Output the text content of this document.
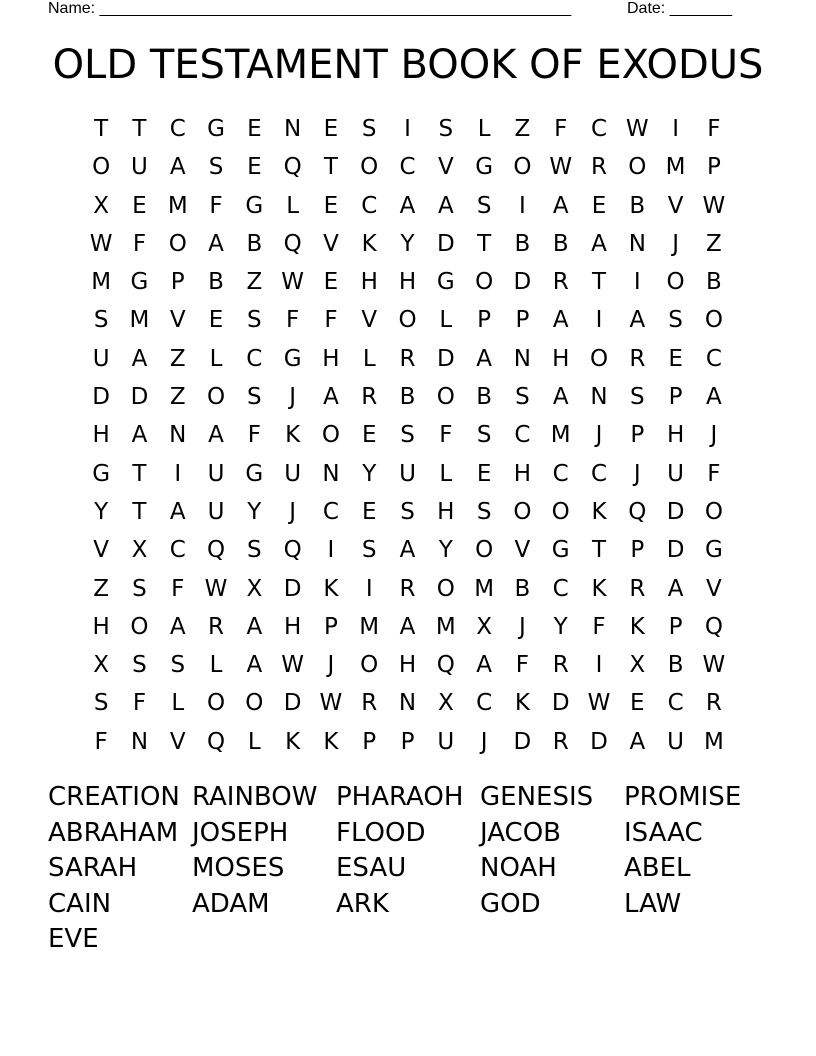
Name: _____________________________________________________	Date: _______
OLD TESTAMENT BOOK OF EXODUS
T	T	C G E N E	S	I	S	L	Z	F	C W	I	F
O U A	S	E Q T O C V G O W R O M P
X	E M F G L	E C A A	S	I	A	E	B V W
W F O A B Q V K	Y D T	B B A N	J	Z
M G P	B Z W E H H G O D R	T	I	O B
S M V	E	S	F	F	V O L	P	P	A	I	A	S O
U A Z	L	C G H	L	R D A N H O R	E C
D D Z O S	J	A R B O B	S	A N S	P	A
H A N A	F	K O E	S	F	S C M	J	P H	J
G T	I	U G U N Y U	L	E H C C	J	U	F
Y	T	A U Y	J	C	E	S H S O O K Q D O
V X C Q S Q	I	S	A	Y O V G T	P D G
Z	S	F W X D K	I	R O M B C K R A V
H O A R A H P M A M X	J	Y	F	K	P Q
X	S	S	L	A W	J	O H Q A	F	R	I	X B W
S	F	L O O D W R N X C K D W E C R
F	N V Q L	K	K	P	P U	J	D R D A U M
CREATION RAINBOW PHARAOH GENESIS	PROMISE
ABRAHAM JOSEPH	FLOOD	JACOB	ISAAC
SARAH	MOSES	ESAU	NOAH	ABEL
CAIN	ADAM	ARK	GOD	LAW
EVE
